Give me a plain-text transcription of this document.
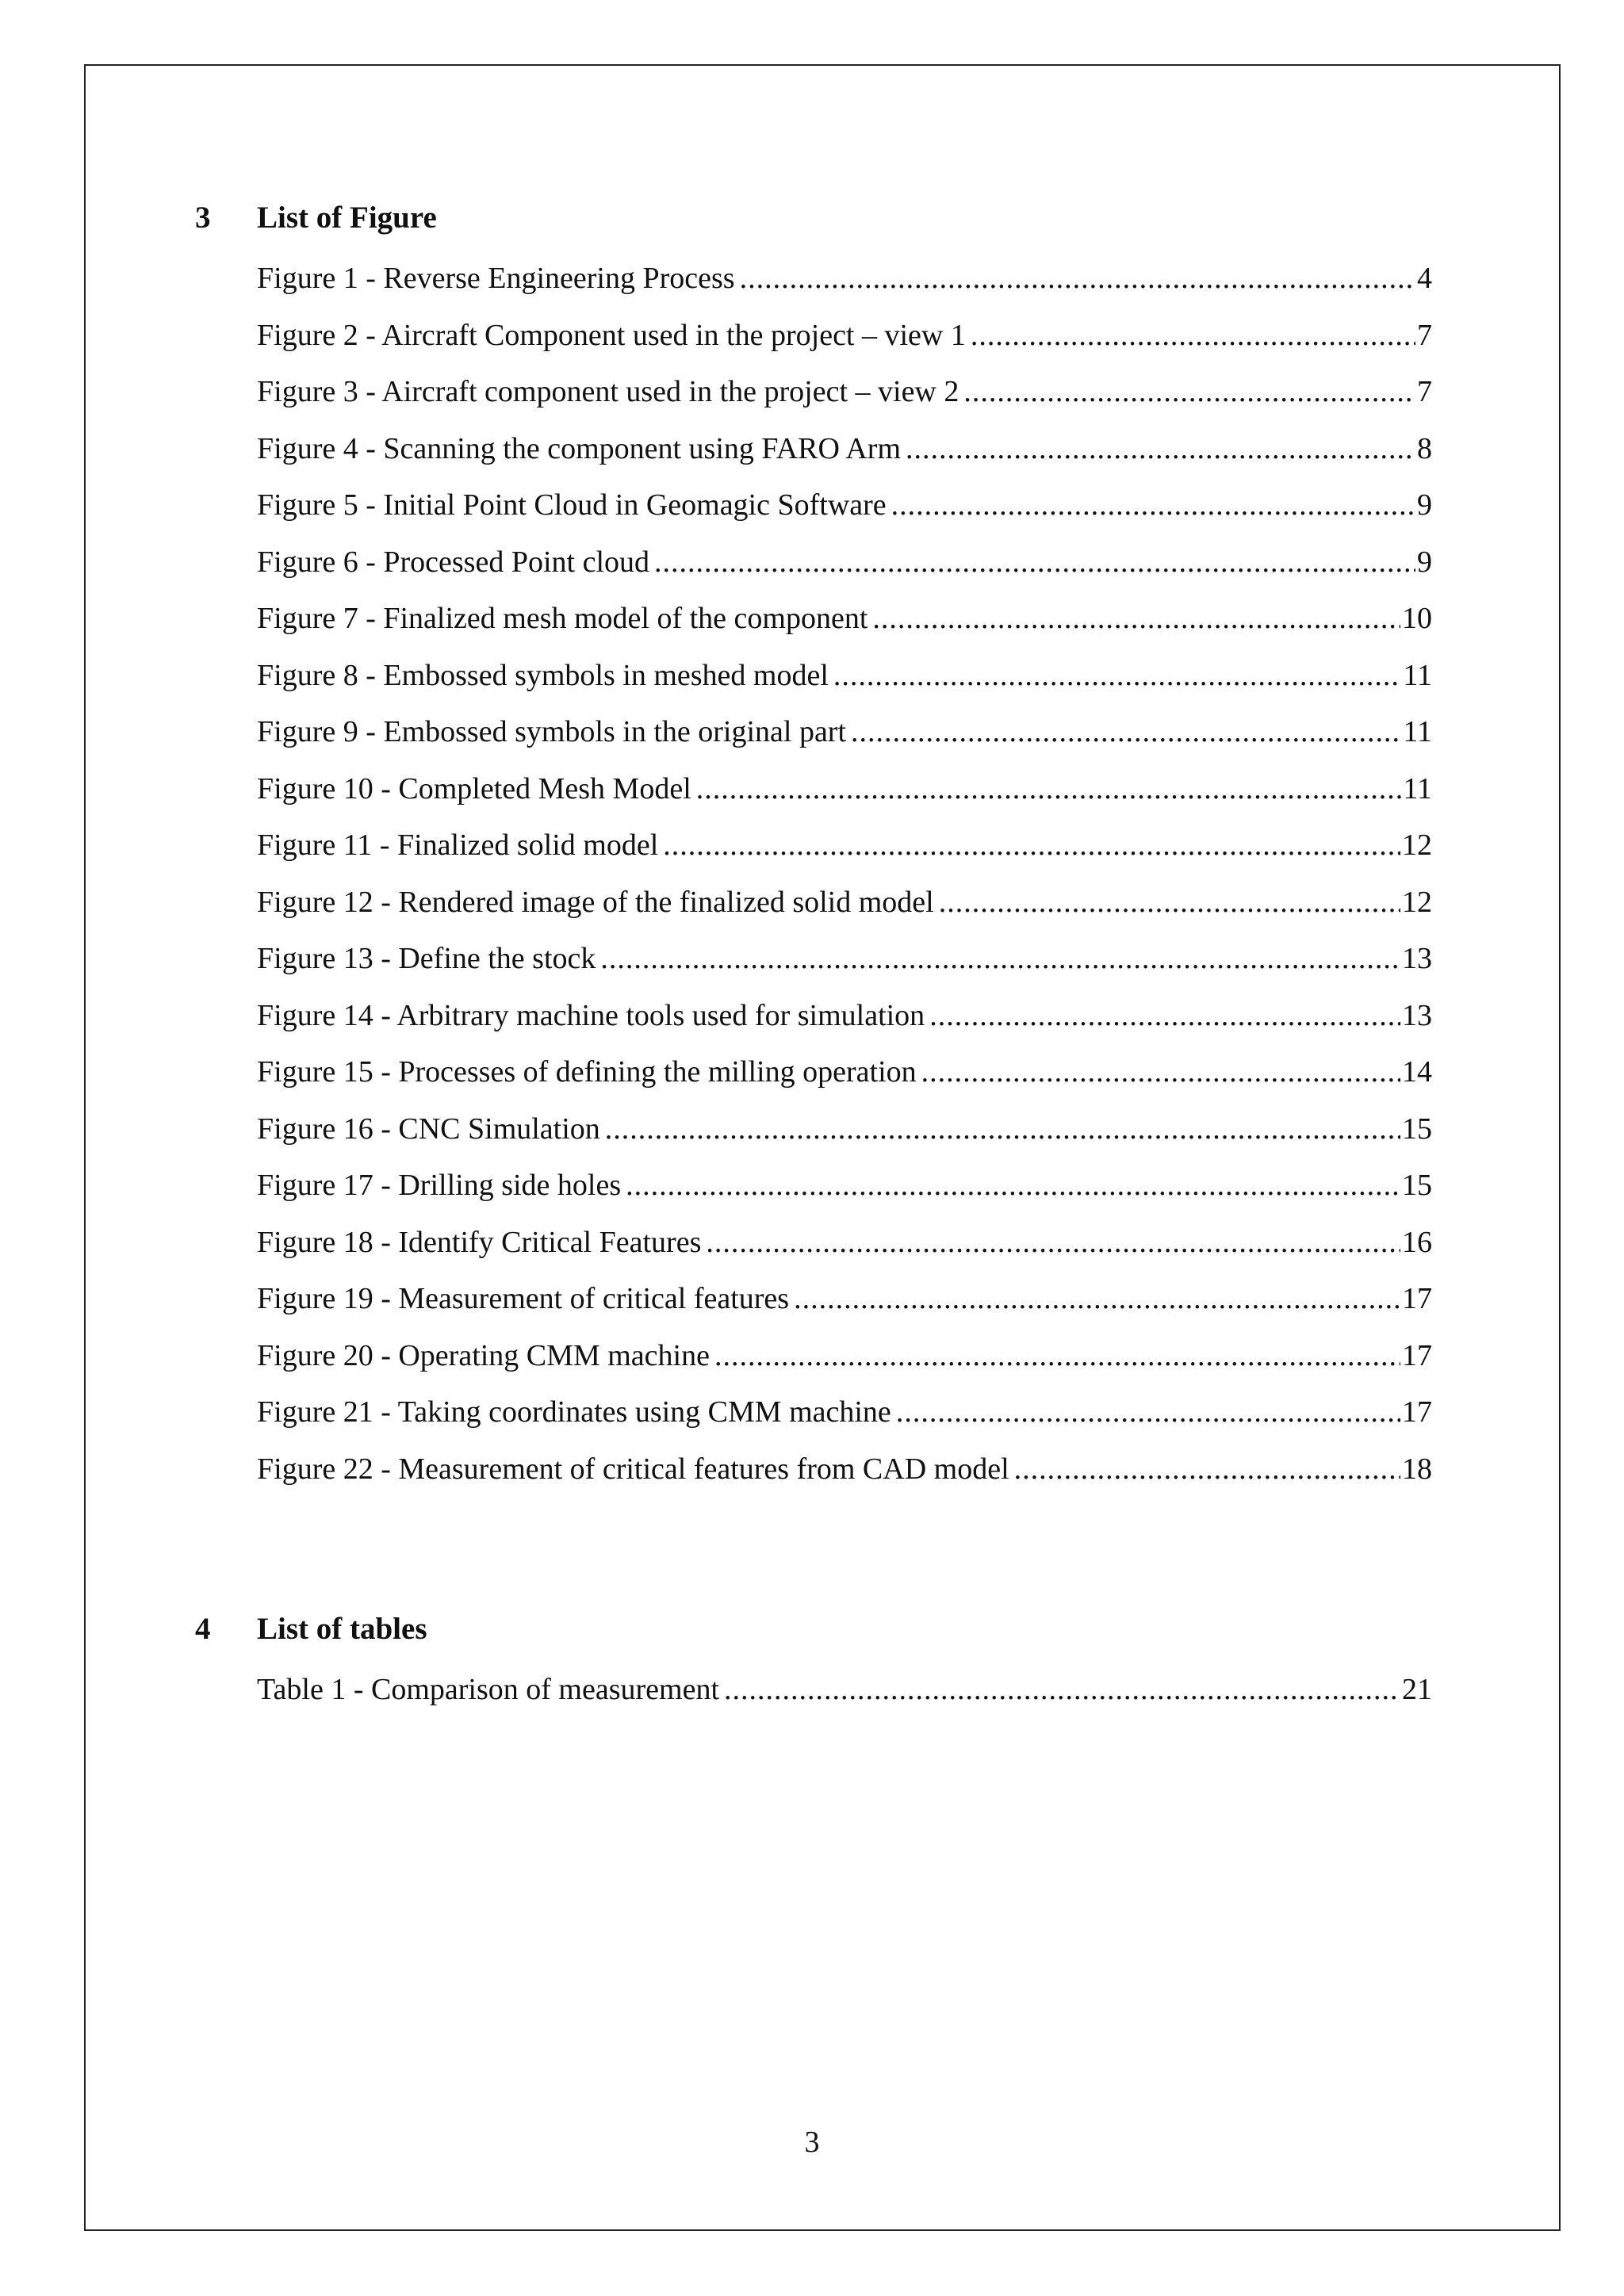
3	List of Figure
Figure 1 - Reverse Engineering Process .....	4
Figure 2 - Aircraft Component used in the project – view 1 .....	7
Figure 3 - Aircraft component used in the project – view 2 .....	7
Figure 4 - Scanning the component using FARO Arm .....	8
Figure 5 - Initial Point Cloud in Geomagic Software .....	9
Figure 6 - Processed Point cloud .....	9
Figure 7 - Finalized mesh model of the component .....	10
Figure 8 - Embossed symbols in meshed model .....	11
Figure 9 - Embossed symbols in the original part .....	11
Figure 10 - Completed Mesh Model .....	11
Figure 11 - Finalized solid model .....	12
Figure 12 - Rendered image of the finalized solid model .....	12
Figure 13 - Define the stock .....	13
Figure 14 - Arbitrary machine tools used for simulation .....	13
Figure 15 - Processes of defining the milling operation .....	14
Figure 16 - CNC Simulation .....	15
Figure 17 - Drilling side holes .....	15
Figure 18 - Identify Critical Features .....	16
Figure 19 - Measurement of critical features .....	17
Figure 20 - Operating CMM machine .....	17
Figure 21 - Taking coordinates using CMM machine .....	17
Figure 22 - Measurement of critical features from CAD model .....	18
4	List of tables
Table 1 - Comparison of measurement .....	21
3
